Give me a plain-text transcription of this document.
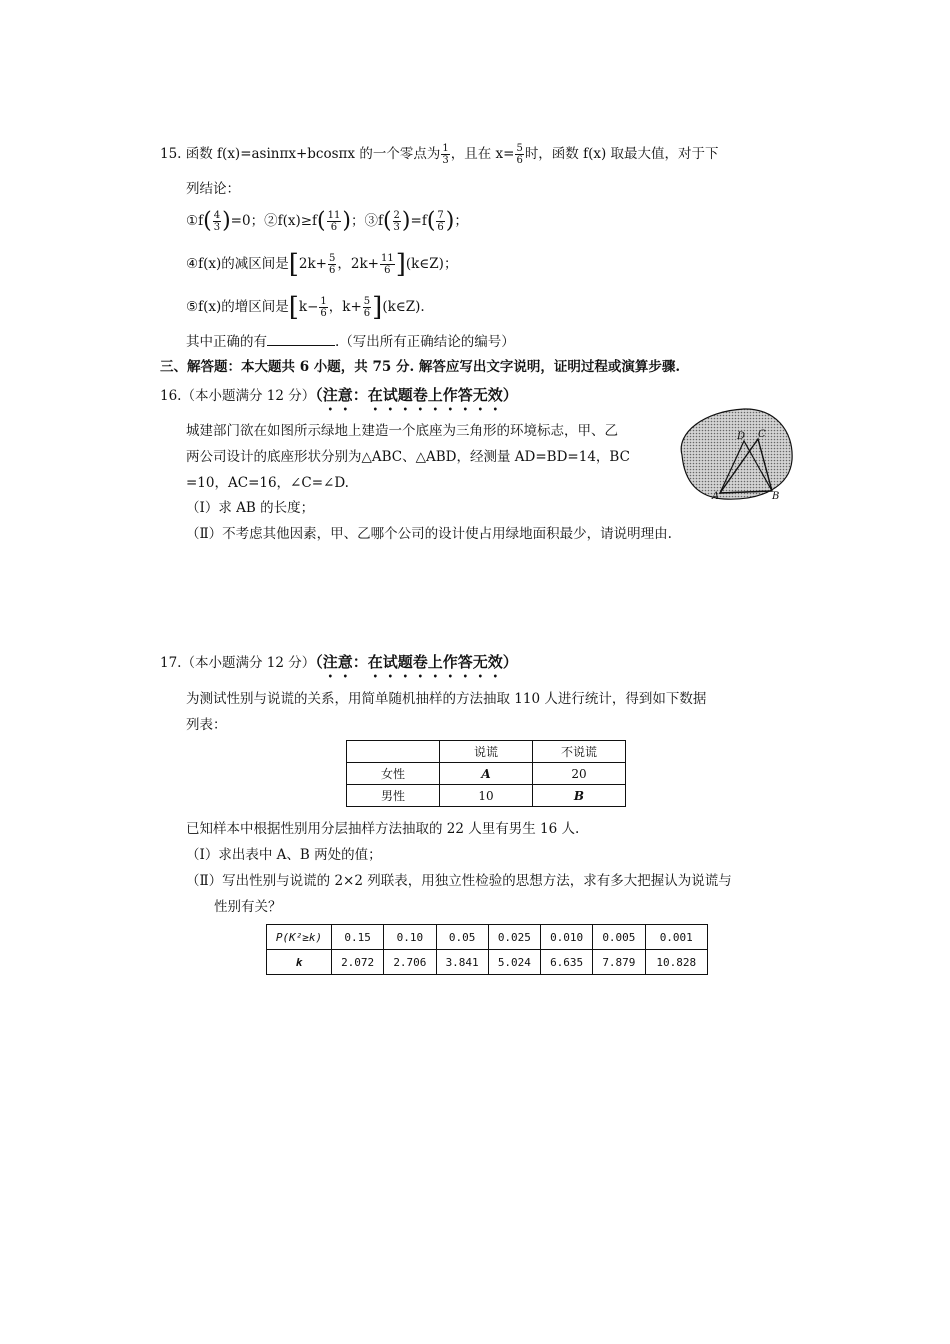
15. 函数 f(x)=asinπx+bcosπx 的一个零点为 $\frac{1}{3}$ ，且在 $x= \frac{5}{6}$ 时，函数 f(x) 取最大值，对于下
列结论：
①f( $\frac{4}{3} )=0$；②f(x)≥f( $\frac{11}{6}$ )；③f( $\frac{2}{3} )=f( \frac{7}{6}$ )；
④f(x)的减区间是[$2k+ \frac{5}{6}$ ，$2k+ \frac{11}{6}$ ](k∈Z)；
⑤f(x)的增区间是[$k- \frac{1}{6}$ ，$k+ \frac{5}{6}$ ](k∈Z).
其中正确的有	.（写出所有正确结论的编号）
三、解答题：本大题共 6 小题，共 75 分. 解答应写出文字说明，证明过程或演算步骤.
16.（本小题满分 12 分）（注意：在试题卷上作答无效）
城建部门欲在如图所示绿地上建造一个底座为三角形的环境标志，甲、乙
两公司设计的底座形状分别为△ABC、△ABD，经测量 AD=BD=14，BC
=10，AC=16，∠C=∠D.
（Ⅰ）求 AB 的长度；
（Ⅱ）不考虑其他因素，甲、乙哪个公司的设计使占用绿地面积最少，请说明理由.
A	B
C
D
17.（本小题满分 12 分）（注意：在试题卷上作答无效）
为测试性别与说谎的关系，用简单随机抽样的方法抽取 110 人进行统计，得到如下数据
列表：
	说谎	不说谎
女性	A	20
男性	10	B
已知样本中根据性别用分层抽样方法抽取的 22 人里有男生 16 人.
（Ⅰ）求出表中 A、B 两处的值；
（Ⅱ）写出性别与说谎的 2×2 列联表，用独立性检验的思想方法，求有多大把握认为说谎与
性别有关？
P(K²≥k)	0.15	0.10	0.05	0.025	0.010	0.005	0.001
k	2.072	2.706	3.841	5.024	6.635	7.879	10.828
